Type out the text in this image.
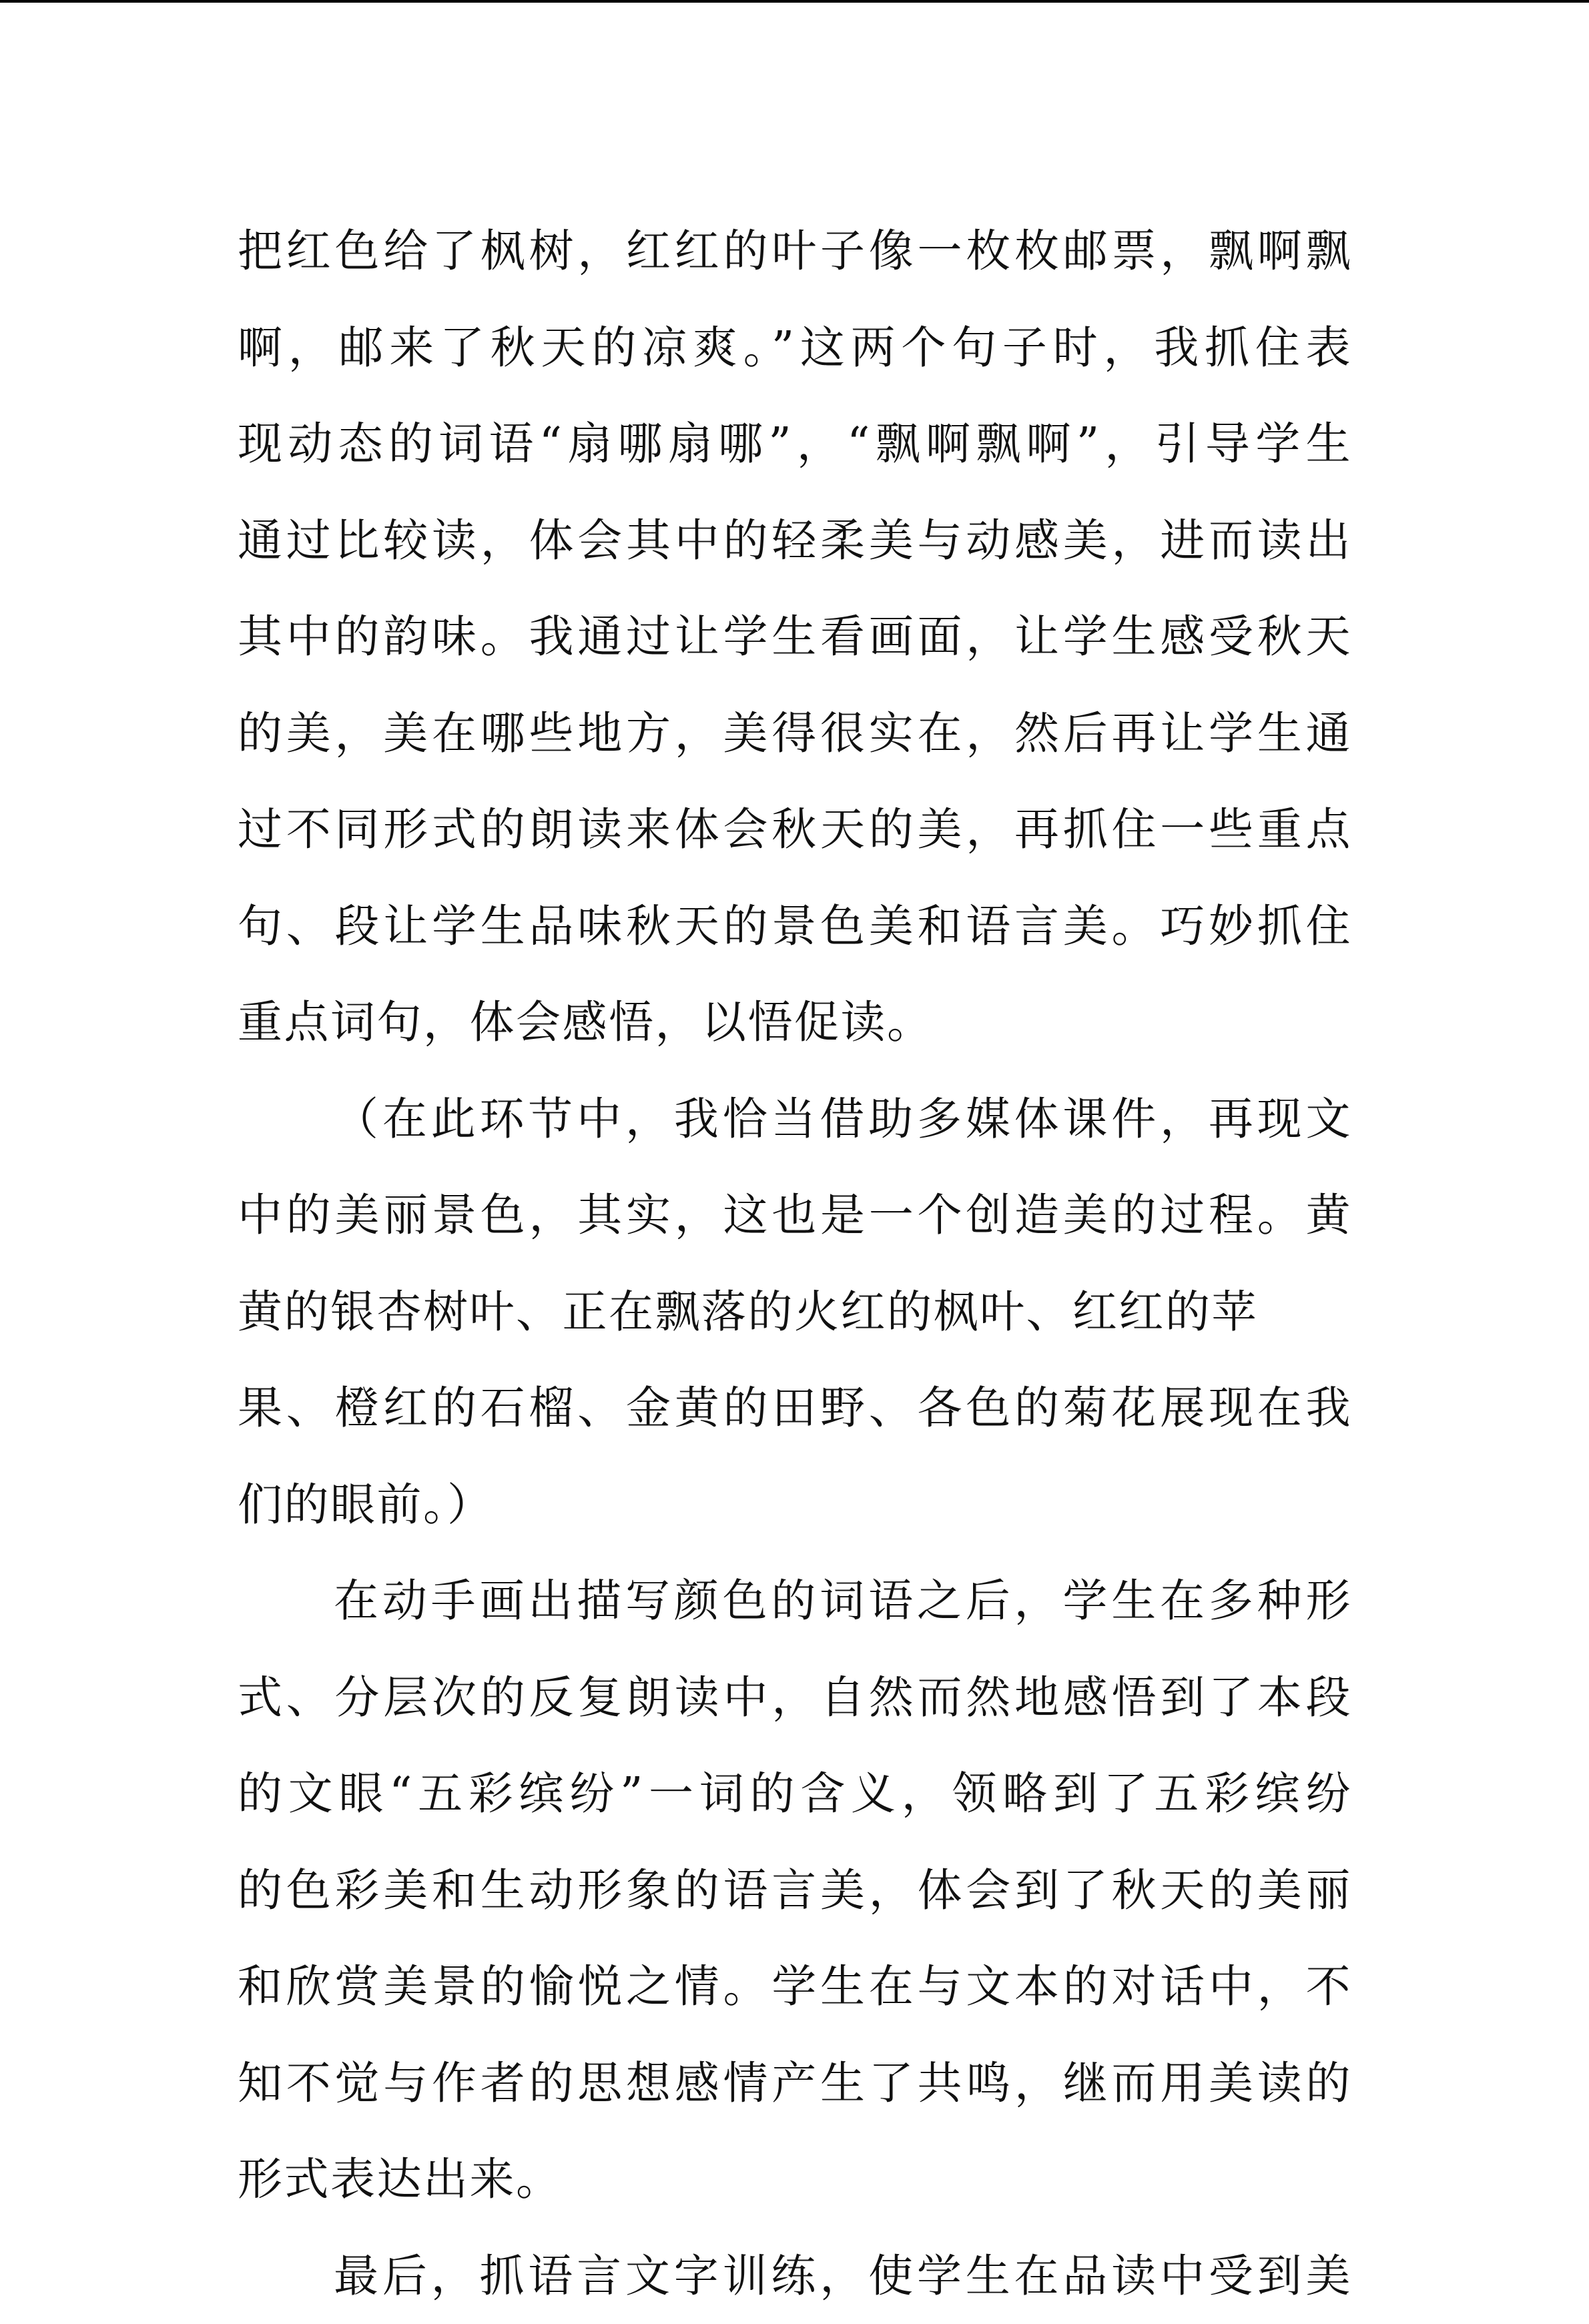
把红色给了枫树，红红的叶子像一枚枚邮票，飘啊飘
啊，邮来了秋天的凉爽。”这两个句子时，我抓住表
现动态的词语“扇哪扇哪”，“飘啊飘啊”，引导学生
通过比较读，体会其中的轻柔美与动感美，进而读出
其中的韵味。我通过让学生看画面，让学生感受秋天
的美，美在哪些地方，美得很实在，然后再让学生通
过不同形式的朗读来体会秋天的美，再抓住一些重点
句、段让学生品味秋天的景色美和语言美。巧妙抓住
重点词句，体会感悟，以悟促读。
（在此环节中，我恰当借助多媒体课件，再现文
中的美丽景色，其实，这也是一个创造美的过程。黄
黄的银杏树叶、正在飘落的火红的枫叶、红红的苹
果、橙红的石榴、金黄的田野、各色的菊花展现在我
们的眼前。）
在动手画出描写颜色的词语之后，学生在多种形
式、分层次的反复朗读中，自然而然地感悟到了本段
的文眼“五彩缤纷”一词的含义，领略到了五彩缤纷
的色彩美和生动形象的语言美，体会到了秋天的美丽
和欣赏美景的愉悦之情。学生在与文本的对话中，不
知不觉与作者的思想感情产生了共鸣，继而用美读的
形式表达出来。
最后，抓语言文字训练，使学生在品读中受到美
